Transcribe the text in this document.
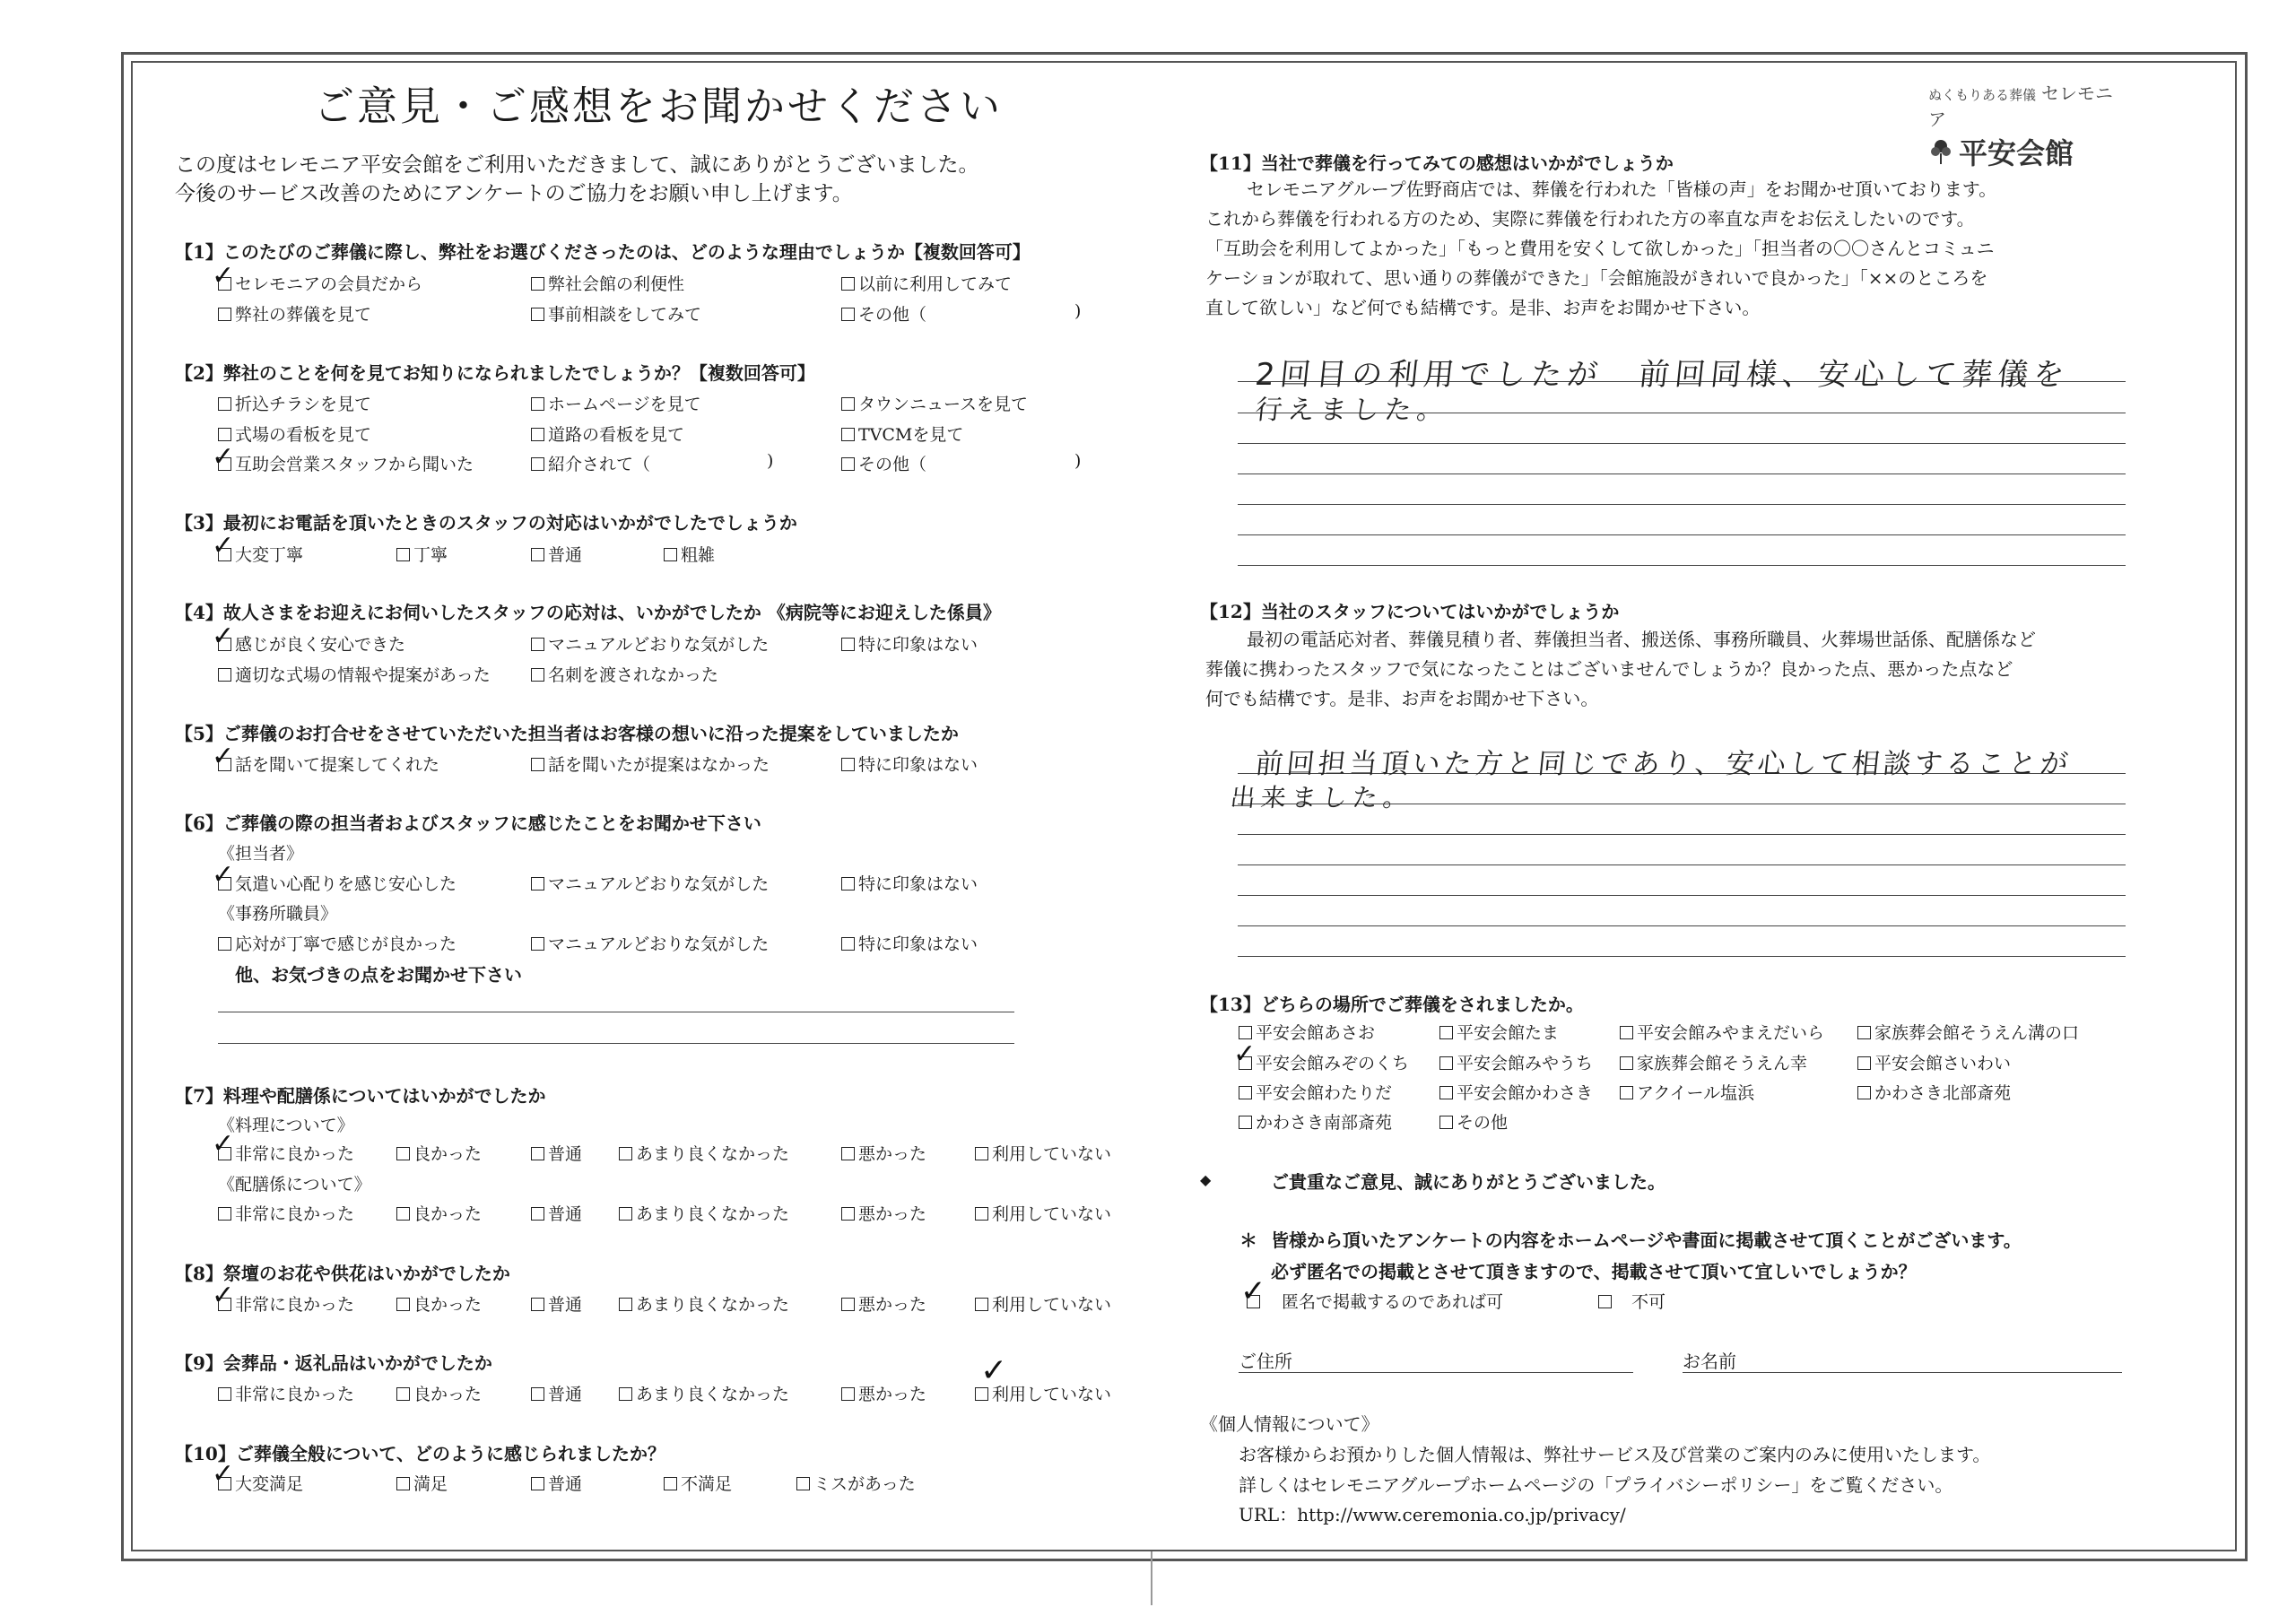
ご意見・ご感想をお聞かせください	ぬくもりある葬儀 セレモニア
平安会館
この度はセレモニア平安会館をご利用いただきまして、誠にありがとうございました。
今後のサービス改善のためにアンケートのご協力をお願い申し上げます。
【1】このたびのご葬儀に際し、弊社をお選びくださったのは、どのような理由でしょうか【複数回答可】
セレモニアの会員だから	弊社会館の利便性	以前に利用してみて
弊社の葬儀を見て	事前相談をしてみて	その他（	)
✓
【2】弊社のことを何を見てお知りになられましたでしょうか？【複数回答可】
折込チラシを見て	ホームページを見て	タウンニュースを見て
式場の看板を見て	道路の看板を見て	TVCMを見て
互助会営業スタッフから聞いた	紹介されて（	)	その他（	)
✓
【3】最初にお電話を頂いたときのスタッフの対応はいかがでしたでしょうか
大変丁寧	丁寧	普通	粗雑
✓
【4】故人さまをお迎えにお伺いしたスタッフの応対は、いかがでしたか 《病院等にお迎えした係員》
感じが良く安心できた	マニュアルどおりな気がした	特に印象はない
適切な式場の情報や提案があった	名刺を渡されなかった
✓
【5】ご葬儀のお打合せをさせていただいた担当者はお客様の想いに沿った提案をしていましたか
話を聞いて提案してくれた	話を聞いたが提案はなかった	特に印象はない
✓
【6】ご葬儀の際の担当者およびスタッフに感じたことをお聞かせ下さい
《担当者》
気遣い心配りを感じ安心した	マニュアルどおりな気がした	特に印象はない
✓
《事務所職員》
応対が丁寧で感じが良かった	マニュアルどおりな気がした	特に印象はない
他、お気づきの点をお聞かせ下さい
【7】料理や配膳係についてはいかがでしたか
《料理について》
非常に良かった	良かった	普通	あまり良くなかった	悪かった	利用していない
✓
《配膳係について》
非常に良かった	良かった	普通	あまり良くなかった	悪かった	利用していない
【8】祭壇のお花や供花はいかがでしたか
非常に良かった	良かった	普通	あまり良くなかった	悪かった	利用していない
✓
【9】会葬品・返礼品はいかがでしたか
非常に良かった	良かった	普通	あまり良くなかった	悪かった	利用していない
✓
【10】ご葬儀全般について、どのように感じられましたか？
大変満足	満足	普通	不満足	ミスがあった
✓
【11】当社で葬儀を行ってみての感想はいかがでしょうか
セレモニアグループ佐野商店では、葬儀を行われた「皆様の声」をお聞かせ頂いております。
これから葬儀を行われる方のため、実際に葬儀を行われた方の率直な声をお伝えしたいのです。
「互助会を利用してよかった」「もっと費用を安くして欲しかった」「担当者の〇〇さんとコミュニ
ケーションが取れて、思い通りの葬儀ができた」「会館施設がきれいで良かった」「××のところを
直して欲しい」など何でも結構です。是非、お声をお聞かせ下さい。
2回目の利用でしたが　前回同様、安心して葬儀を
行えました。
【12】当社のスタッフについてはいかがでしょうか
最初の電話応対者、葬儀見積り者、葬儀担当者、搬送係、事務所職員、火葬場世話係、配膳係など
葬儀に携わったスタッフで気になったことはございませんでしょうか？良かった点、悪かった点など
何でも結構です。是非、お声をお聞かせ下さい。
前回担当頂いた方と同じであり、安心して相談することが
出来ました。
【13】どちらの場所でご葬儀をされましたか。
平安会館あさお	平安会館たま	平安会館みやまえだいら	家族葬会館そうえん溝の口
平安会館みぞのくち	平安会館みやうち	家族葬会館そうえん幸	平安会館さいわい
平安会館わたりだ	平安会館かわさき	アクイール塩浜	かわさき北部斎苑
かわさき南部斎苑	その他
✓
◆	ご貴重なご意見、誠にありがとうございました。
＊ 皆様から頂いたアンケートの内容をホームページや書面に掲載させて頂くことがございます。
必ず匿名での掲載とさせて頂きますので、掲載させて頂いて宜しいでしょうか？
匿名で掲載するのであれば可	不可
✓
ご住所	お名前
《個人情報について》
お客様からお預かりした個人情報は、弊社サービス及び営業のご案内のみに使用いたします。
詳しくはセレモニアグループホームページの「プライバシーポリシー」をご覧ください。
URL：http://www.ceremonia.co.jp/privacy/
